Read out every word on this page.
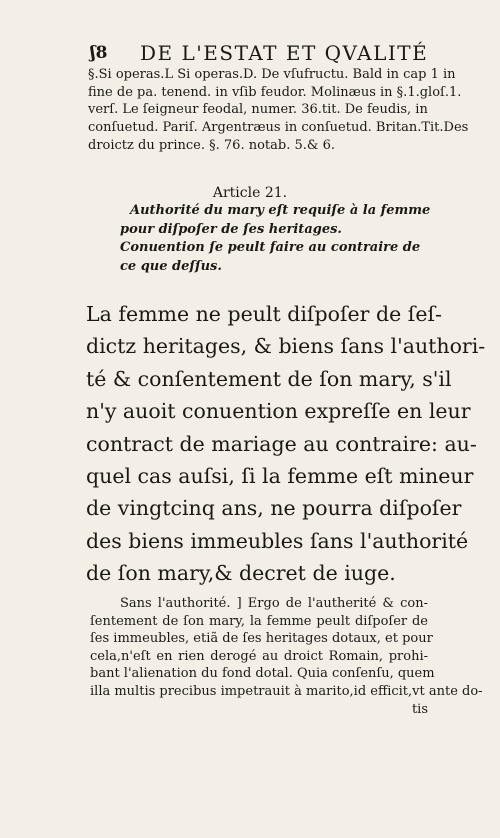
ʃ8 DE L'ESTAT ET QVALITÉ
§.Si operas.L Si operas.D. De vſufructu. Bald in cap 1 in
fine de pa. tenend. in vſib feudor. Molinæus in §.1.gloſ.1.
verſ. Le ſeigneur feodal, numer. 36.tit. De feudis, in
conſuetud. Pariſ. Argentræus in conſuetud. Britan.Tit.Des
droictz du prince. §. 76. notab. 5.& 6.
Article 21.
Authorité du mary eſt requiſe à la femme
pour diſpoſer de ſes heritages.
Conuention ſe peult faire au contraire de
ce que deſſus.
La femme ne peult diſpoſer de ſeſ-
dictz heritages, & biens ſans l'authori-
té & conſentement de ſon mary, s'il
n'y auoit conuention expreſſe en leur
contract de mariage au contraire: au-
quel cas auſsi, ſi la femme eſt mineur
de vingtcinq ans, ne pourra diſpoſer
des biens immeubles ſans l'authorité
de ſon mary,& decret de iuge.
Sans l'authorité. ] Ergo de l'autherité & con-
ſentement de ſon mary, la femme peult diſpoſer de
ſes immeubles, etiã de ſes heritages dotaux, et pour
cela,n'eſt en rien derogé au droict Romain, prohi-
bant l'alienation du fond dotal. Quia conſenſu, quem
illa multis precibus impetrauit à marito,id efficit,vt ante do-
tis
